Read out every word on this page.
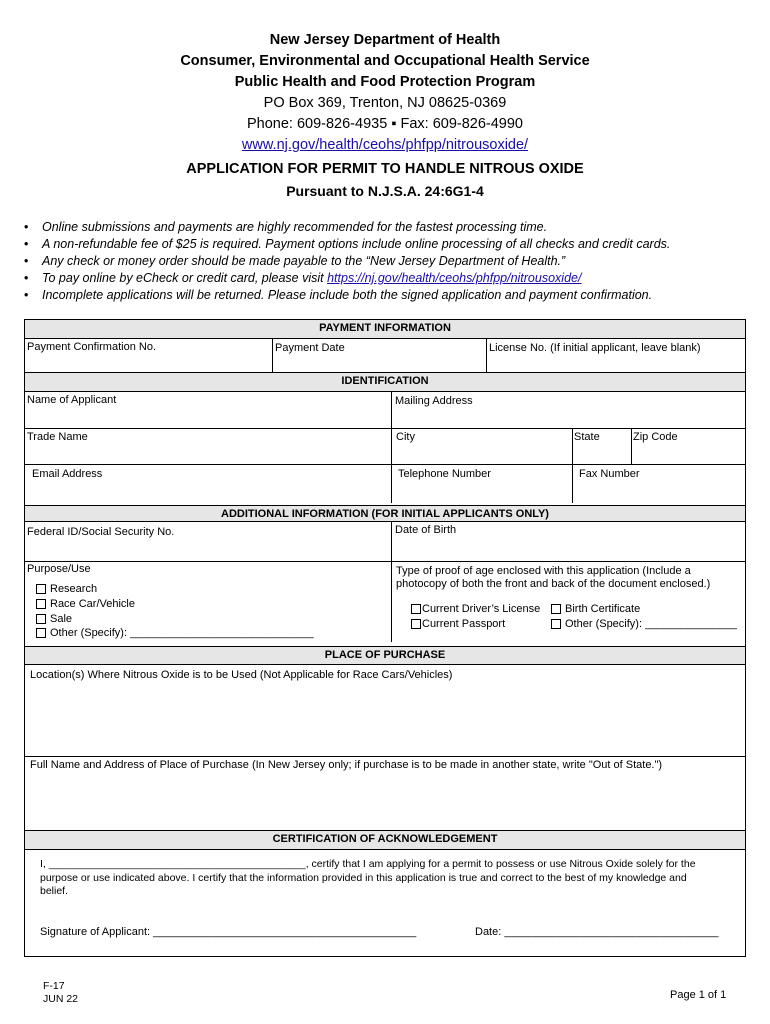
New Jersey Department of Health
Consumer, Environmental and Occupational Health Service
Public Health and Food Protection Program
PO Box 369, Trenton, NJ 08625-0369
Phone: 609-826-4935 ▪ Fax: 609-826-4990
www.nj.gov/health/ceohs/phfpp/nitrousoxide/
APPLICATION FOR PERMIT TO HANDLE NITROUS OXIDE
Pursuant to N.J.S.A. 24:6G1-4
• Online submissions and payments are highly recommended for the fastest processing time.
• A non-refundable fee of $25 is required. Payment options include online processing of all checks and credit cards.
• Any check or money order should be made payable to the “New Jersey Department of Health.”
• To pay online by eCheck or credit card, please visit https://nj.gov/health/ceohs/phfpp/nitrousoxide/
• Incomplete applications will be returned. Please include both the signed application and payment confirmation.
PAYMENT INFORMATION
Payment Confirmation No.	Payment Date	License No. (If initial applicant, leave blank)
IDENTIFICATION
Name of Applicant	Mailing Address
Trade Name	City	State	Zip Code
Email Address	Telephone Number	Fax Number
ADDITIONAL INFORMATION (FOR INITIAL APPLICANTS ONLY)
Federal ID/Social Security No.	Date of Birth
Purpose/Use
Research
Race Car/Vehicle
Sale
Other (Specify): ______________________________
Type of proof of age enclosed with this application (Include a
photocopy of both the front and back of the document enclosed.)
Current Driver’s License	Birth Certificate
Current Passport	Other (Specify): _______________
PLACE OF PURCHASE
Location(s) Where Nitrous Oxide is to be Used (Not Applicable for Race Cars/Vehicles)
Full Name and Address of Place of Purchase (In New Jersey only; if purchase is to be made in another state, write "Out of State.")
CERTIFICATION OF ACKNOWLEDGEMENT
I, ____________________________________________, certify that I am applying for a permit to possess or use Nitrous Oxide solely for the
purpose or use indicated above. I certify that the information provided in this application is true and correct to the best of my knowledge and
belief.
Signature of Applicant: ___________________________________________	Date: ___________________________________
F-17
JUN 22	Page 1 of 1
